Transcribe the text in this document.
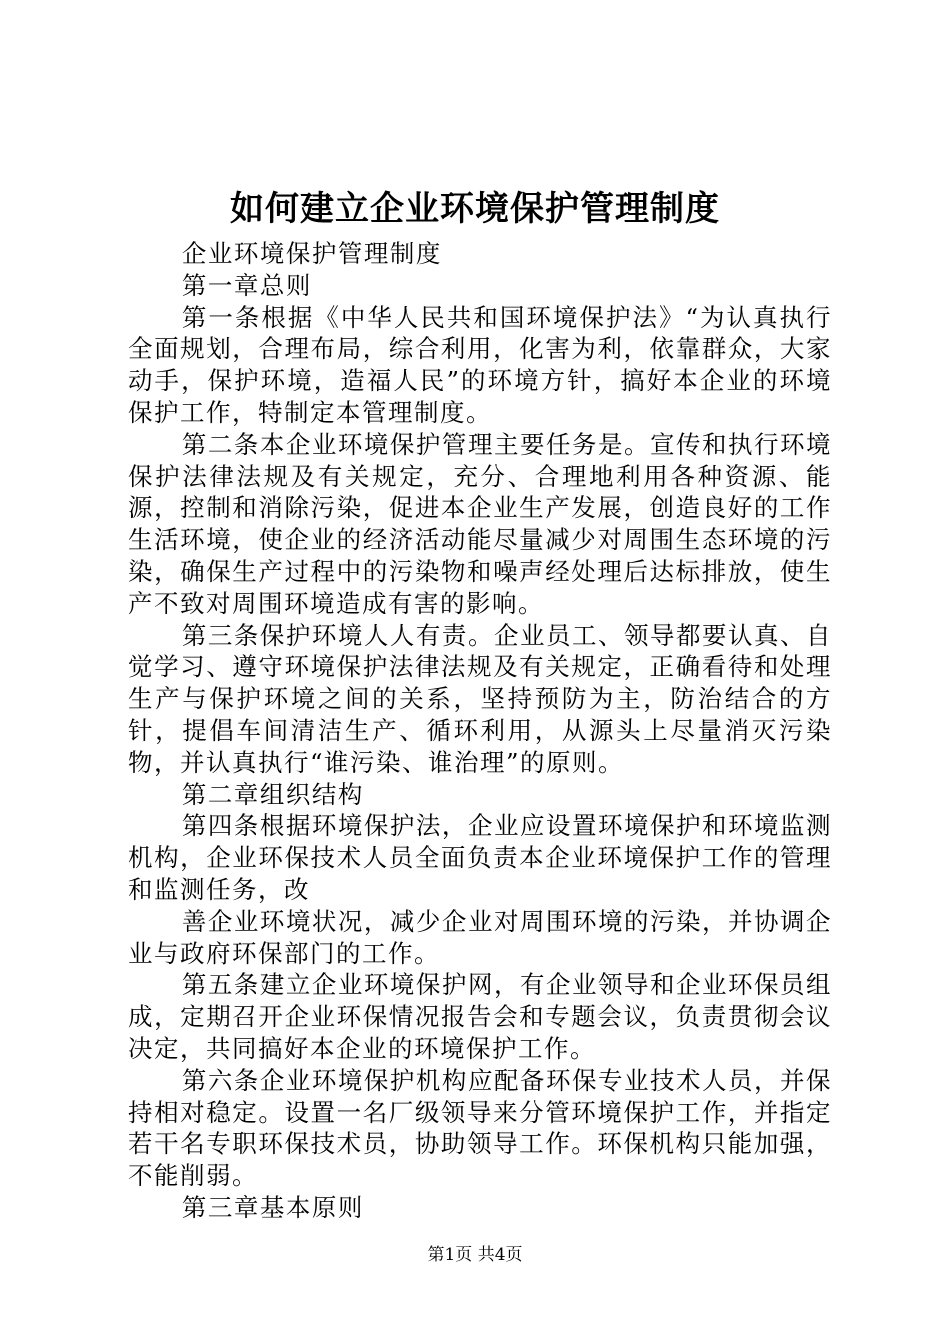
如何建立企业环境保护管理制度

企业环境保护管理制度

第一章总则

第一条根据《中华人民共和国环境保护法》“为认真执行全面规划，合理布局，综合利用，化害为利，依靠群众，大家动手，保护环境，造福人民”的环境方针，搞好本企业的环境保护工作，特制定本管理制度。

第二条本企业环境保护管理主要任务是。宣传和执行环境保护法律法规及有关规定，充分、合理地利用各种资源、能源，控制和消除污染，促进本企业生产发展，创造良好的工作生活环境，使企业的经济活动能尽量减少对周围生态环境的污染，确保生产过程中的污染物和噪声经处理后达标排放，使生产不致对周围环境造成有害的影响。

第三条保护环境人人有责。企业员工、领导都要认真、自觉学习、遵守环境保护法律法规及有关规定，正确看待和处理生产与保护环境之间的关系，坚持预防为主，防治结合的方针，提倡车间清洁生产、循环利用，从源头上尽量消灭污染物，并认真执行“谁污染、谁治理”的原则。

第二章组织结构

第四条根据环境保护法，企业应设置环境保护和环境监测机构，企业环保技术人员全面负责本企业环境保护工作的管理和监测任务，改

善企业环境状况，减少企业对周围环境的污染，并协调企业与政府环保部门的工作。

第五条建立企业环境保护网，有企业领导和企业环保员组成，定期召开企业环保情况报告会和专题会议，负责贯彻会议决定，共同搞好本企业的环境保护工作。

第六条企业环境保护机构应配备环保专业技术人员，并保持相对稳定。设置一名厂级领导来分管环境保护工作，并指定若干名专职环保技术员，协助领导工作。环保机构只能加强，不能削弱。

第三章基本原则

第1页 共4页
